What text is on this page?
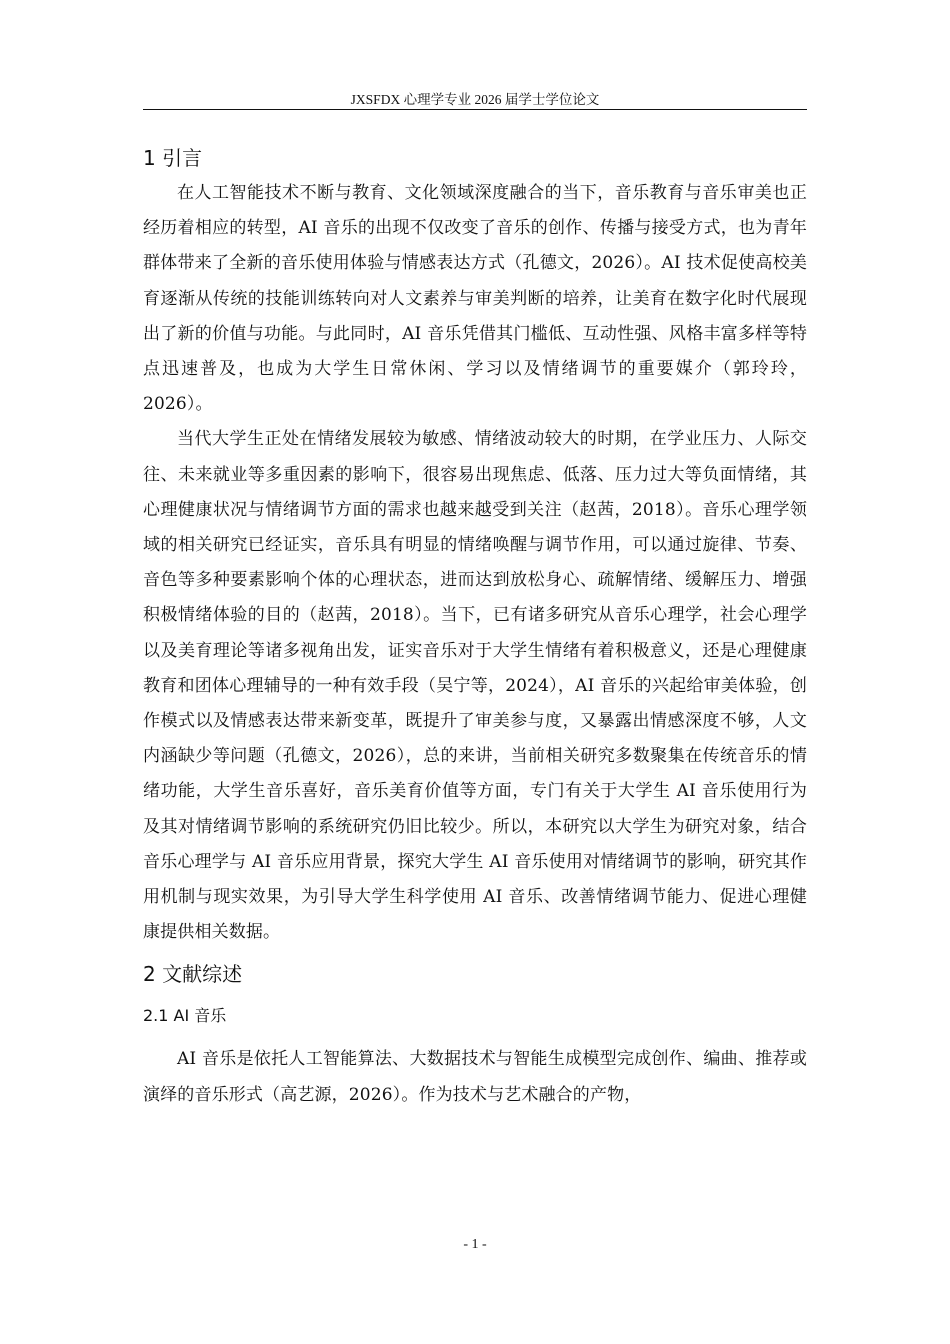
JXSFDX 心理学专业 2026 届学士学位论文
1 引言

在人工智能技术不断与教育、文化领域深度融合的当下，音乐教育与音乐审美也正经历着相应的转型，AI 音乐的出现不仅改变了音乐的创作、传播与接受方式，也为青年群体带来了全新的音乐使用体验与情感表达方式（孔德文，2026）。AI 技术促使高校美育逐渐从传统的技能训练转向对人文素养与审美判断的培养，让美育在数字化时代展现出了新的价值与功能。与此同时，AI 音乐凭借其门槛低、互动性强、风格丰富多样等特点迅速普及，也成为大学生日常休闲、学习以及情绪调节的重要媒介（郭玲玲，2026）。

当代大学生正处在情绪发展较为敏感、情绪波动较大的时期，在学业压力、人际交往、未来就业等多重因素的影响下，很容易出现焦虑、低落、压力过大等负面情绪，其心理健康状况与情绪调节方面的需求也越来越受到关注（赵茜，2018）。音乐心理学领域的相关研究已经证实，音乐具有明显的情绪唤醒与调节作用，可以通过旋律、节奏、音色等多种要素影响个体的心理状态，进而达到放松身心、疏解情绪、缓解压力、增强积极情绪体验的目的（赵茜，2018）。当下，已有诸多研究从音乐心理学，社会心理学以及美育理论等诸多视角出发，证实音乐对于大学生情绪有着积极意义，还是心理健康教育和团体心理辅导的一种有效手段（吴宁等，2024），AI 音乐的兴起给审美体验，创作模式以及情感表达带来新变革，既提升了审美参与度，又暴露出情感深度不够，人文内涵缺少等问题（孔德文，2026），总的来讲，当前相关研究多数聚集在传统音乐的情绪功能，大学生音乐喜好，音乐美育价值等方面，专门有关于大学生 AI 音乐使用行为及其对情绪调节影响的系统研究仍旧比较少。所以，本研究以大学生为研究对象，结合音乐心理学与 AI 音乐应用背景，探究大学生 AI 音乐使用对情绪调节的影响，研究其作用机制与现实效果，为引导大学生科学使用 AI 音乐、改善情绪调节能力、促进心理健康提供相关数据。

2 文献综述
2.1 AI 音乐

AI 音乐是依托人工智能算法、大数据技术与智能生成模型完成创作、编曲、推荐或演绎的音乐形式（高艺源，2026）。作为技术与艺术融合的产物，

- 1 -
